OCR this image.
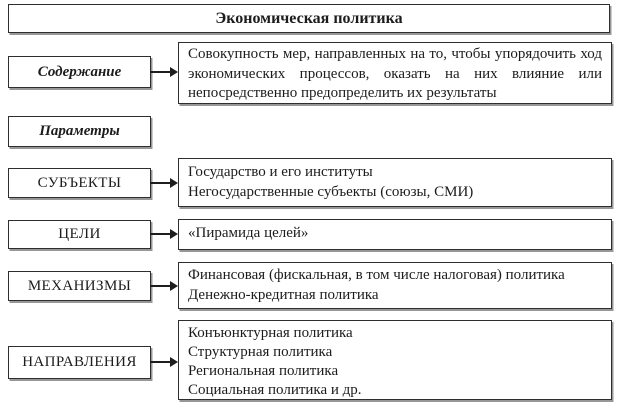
Экономическая политика
Содержание
Совокупность мер, направленных на то, чтобы упорядочить ход экономических процессов, оказать на них влияние или непосредственно предопределить их результаты
Параметры
СУБЪЕКТЫ
Государство и его институты
Негосударственные субъекты (союзы, СМИ)
ЦЕЛИ	«Пирамида целей»
МЕХАНИЗМЫ
Финансовая (фискальная, в том числе налоговая) политика
Денежно-кредитная политика
НАПРАВЛЕНИЯ
Конъюнктурная политика
Структурная политика
Региональная политика
Социальная политика и др.
